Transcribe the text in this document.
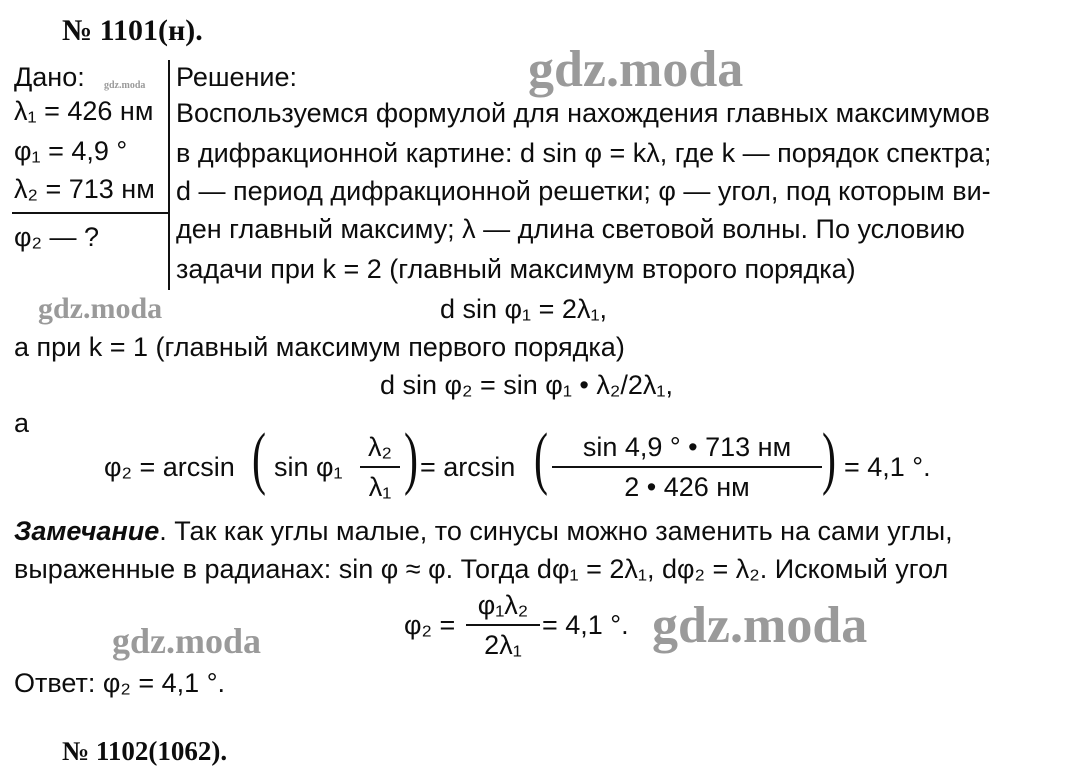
№ 1101(н).
Дано:
λ₁ = 426 нм
φ₁ = 4,9 °
λ₂ = 713 нм
φ₂ — ?
Решение:
Воспользуемся формулой для нахождения главных максимумов
в дифракционной картине: d sin φ = kλ, где k — порядок спектра;
d — период дифракционной решетки; φ — угол, под которым ви-
ден главный максиму; λ — длина световой волны. По условию
задачи при k = 2 (главный максимум второго порядка)
d sin φ₁ = 2λ₁,
а при k = 1 (главный максимум первого порядка)
d sin φ₂ = sin φ₁ • λ₂/2λ₁,
а
φ₂ = arcsin ( sin φ₁
λ₂
λ₁ ) = arcsin (	sin 4,9 ° • 713 нм
2 • 426 нм	) = 4,1 °.
Замечание. Так как углы малые, то синусы можно заменить на сами углы,
выраженные в радианах: sin φ ≈ φ. Тогда dφ₁ = 2λ₁, dφ₂ = λ₂. Искомый угол
φ₂ =
φ₁λ₂
2λ₁
= 4,1 °.
Ответ: φ₂ = 4,1 °.
№ 1102(1062).
gdz.moda
gdz.moda
gdz.moda
gdz.moda	gdz.moda
